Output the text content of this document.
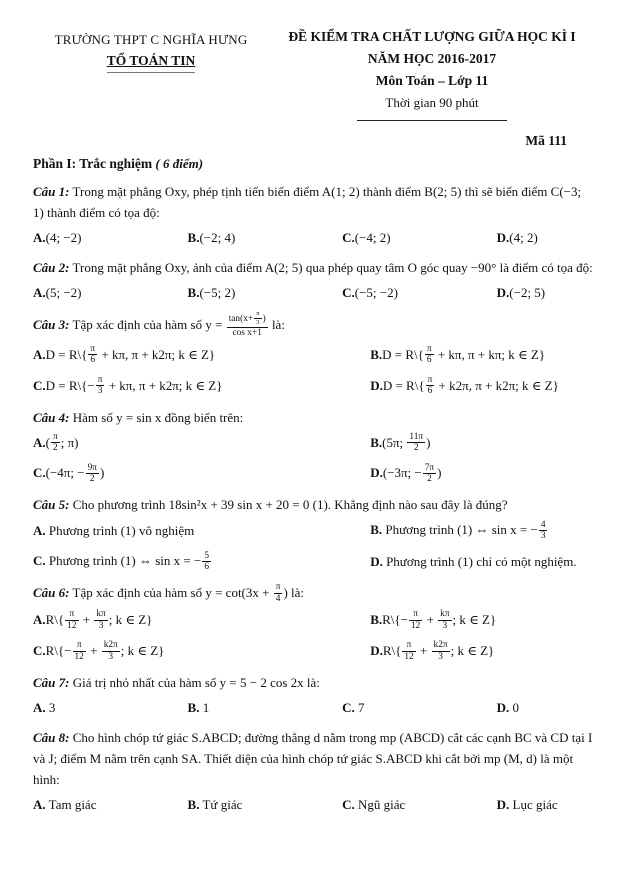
TRƯỜNG THPT C NGHĨA HƯNG
TỔ TOÁN TIN
ĐỀ KIỂM TRA CHẤT LƯỢNG GIỮA HỌC KÌ I
NĂM HỌC 2016-2017
Môn Toán – Lớp 11
Thời gian 90 phút
Mã 111

Phần I: Trắc nghiệm ( 6 điểm)

Câu 1: Trong mặt phẳng Oxy, phép tịnh tiến biến điểm A(1; 2) thành điểm B(2; 5) thì sẽ biến điểm C(−3; 1) thành điểm có tọa độ:

A.(4; −2)	B.(−2; 4)	C.(−4; 2)	D.(4; 2)

Câu 2: Trong mặt phẳng Oxy, ảnh của điểm A(2; 5) qua phép quay tâm O góc quay −90° là điểm có tọa độ:

A.(5; −2)	B.(−5; 2)	C.(−5; −2)	D.(−2; 5)

Câu 3: Tập xác định của hàm số $y = \frac{\tan(x+ \frac{\pi}{3} )}{\text{cos x+1}}$ là:

A.D = R\{ $\frac{\pi}{6} + k\pi$, π + k2π; k ∈ Z}	B.D = R\{ $\frac{\pi}{6} + k\pi$, π + kπ; k ∈ Z}
C.D = R\{− $\frac{\pi}{3} + k\pi$, π + k2π; k ∈ Z}	D.D = R\{ $\frac{\pi}{6} + k2\pi$, π + k2π; k ∈ Z}

Câu 4: Hàm số y = sin x đồng biến trên:

$A.( \frac{\pi}{2}$ ; π)	B.(5π; $\frac{11\pi}{2}$ )
C.(−4π; − $\frac{9\pi}{2}$ )	D.(−3π; − $\frac{7\pi}{2}$ )

Câu 5: Cho phương trình 18sin²x + 39 sin x + 20 = 0 (1). Khẳng định nào sau đây là đúng?

A. Phương trình (1) vô nghiệm	B. Phương trình (1) ⇔ sin x = − $\frac{4}{3}$
C. Phương trình (1) ⇔ sin x = − $\frac{5}{6}$	D. Phương trình (1) chỉ có một nghiệm.

Câu 6: Tập xác định của hàm số $y = \cot(3x + \frac{\pi}{4}$ ) là:

A.R\{ $\frac{\pi}{12} + \frac{k\pi}{3}$ ; k ∈ Z}	B.R\{− $\frac{\pi}{12} + \frac{k\pi}{3}$ ; k ∈ Z}
C.R\{− $\frac{\pi}{12} + \frac{k2\pi}{3}$ ; k ∈ Z}	D.R\{ $\frac{\pi}{12} + \frac{k2\pi}{3}$ ; k ∈ Z}

Câu 7: Giá trị nhỏ nhất của hàm số y = 5 − 2 cos 2x là:

A. 3	B. 1	C. 7	D. 0

Câu 8: Cho hình chóp tứ giác S.ABCD; đường thẳng d nằm trong mp (ABCD) cắt các cạnh BC và CD tại I và J; điểm M nằm trên cạnh SA. Thiết diện của hình chóp tứ giác S.ABCD khi cắt bởi mp (M, d) là một hình:

A. Tam giác	B. Tứ giác	C. Ngũ giác	D. Lục giác
